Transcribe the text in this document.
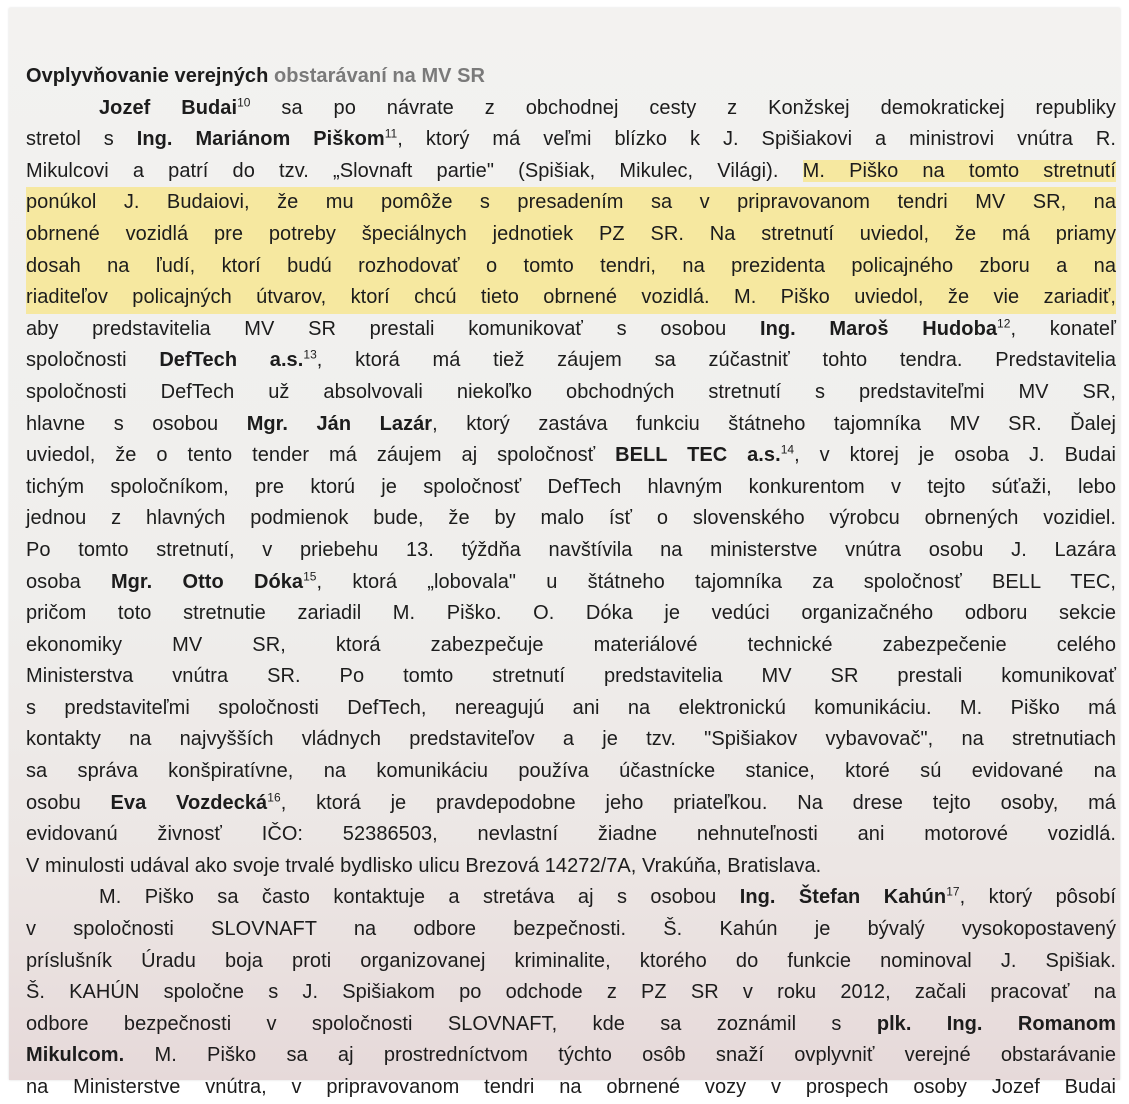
Ovplyvňovanie verejných obstarávaní na MV SR
Jozef Budai$^{10}$ sa po návrate z obchodnej cesty z Konžskej demokratickej republiky
stretol s Ing. Mariánom Piškom$^{11}$, ktorý má veľmi blízko k J. Spišiakovi a ministrovi vnútra R.
Mikulcovi a patrí do tzv. „Slovnaft partie" (Spišiak, Mikulec, Világi). M. Piško na tomto stretnutí
ponúkol J. Budaiovi, že mu pomôže s presadením sa v pripravovanom tendri MV SR, na
obrnené vozidlá pre potreby špeciálnych jednotiek PZ SR. Na stretnutí uviedol, že má priamy
dosah na ľudí, ktorí budú rozhodovať o tomto tendri, na prezidenta policajného zboru a na
riaditeľov policajných útvarov, ktorí chcú tieto obrnené vozidlá. M. Piško uviedol, že vie zariadiť,
aby predstavitelia MV SR prestali komunikovať s osobou Ing. Maroš Hudoba$^{12}$, konateľ
spoločnosti DefTech a.s.$^{13}$, ktorá má tiež záujem sa zúčastniť tohto tendra. Predstavitelia
spoločnosti DefTech už absolvovali niekoľko obchodných stretnutí s predstaviteľmi MV SR,
hlavne s osobou Mgr. Ján Lazár, ktorý zastáva funkciu štátneho tajomníka MV SR. Ďalej
uviedol, že o tento tender má záujem aj spoločnosť BELL TEC a.s.$^{14}$, v ktorej je osoba J. Budai
tichým spoločníkom, pre ktorú je spoločnosť DefTech hlavným konkurentom v tejto súťaži, lebo
jednou z hlavných podmienok bude, že by malo ísť o slovenského výrobcu obrnených vozidiel.
Po tomto stretnutí, v priebehu 13. týždňa navštívila na ministerstve vnútra osobu J. Lazára
osoba Mgr. Otto Dóka$^{15}$, ktorá „lobovala" u štátneho tajomníka za spoločnosť BELL TEC,
pričom toto stretnutie zariadil M. Piško. O. Dóka je vedúci organizačného odboru sekcie
ekonomiky MV SR, ktorá zabezpečuje materiálové technické zabezpečenie celého
Ministerstva vnútra SR. Po tomto stretnutí predstavitelia MV SR prestali komunikovať
s predstaviteľmi spoločnosti DefTech, nereagujú ani na elektronickú komunikáciu. M. Piško má
kontakty na najvyšších vládnych predstaviteľov a je tzv. "Spišiakov vybavovač", na stretnutiach
sa správa konšpiratívne, na komunikáciu používa účastnícke stanice, ktoré sú evidované na
osobu Eva Vozdecká$^{16}$, ktorá je pravdepodobne jeho priateľkou. Na drese tejto osoby, má
evidovanú živnosť IČO: 52386503, nevlastní žiadne nehnuteľnosti ani motorové vozidlá.
V minulosti udával ako svoje trvalé bydlisko ulicu Brezová 14272/7A, Vrakúňa, Bratislava.
M. Piško sa často kontaktuje a stretáva aj s osobou Ing. Štefan Kahún$^{17}$, ktorý pôsobí
v spoločnosti SLOVNAFT na odbore bezpečnosti. Š. Kahún je bývalý vysokopostavený
príslušník Úradu boja proti organizovanej kriminalite, ktorého do funkcie nominoval J. Spišiak.
Š. KAHÚN spoločne s J. Spišiakom po odchode z PZ SR v roku 2012, začali pracovať na
odbore bezpečnosti v spoločnosti SLOVNAFT, kde sa zoznámil s plk. Ing. Romanom
Mikulcom. M. Piško sa aj prostredníctvom týchto osôb snaží ovplyvniť verejné obstarávanie
na Ministerstve vnútra, v pripravovanom tendri na obrnené vozy v prospech osoby Jozef Budai
